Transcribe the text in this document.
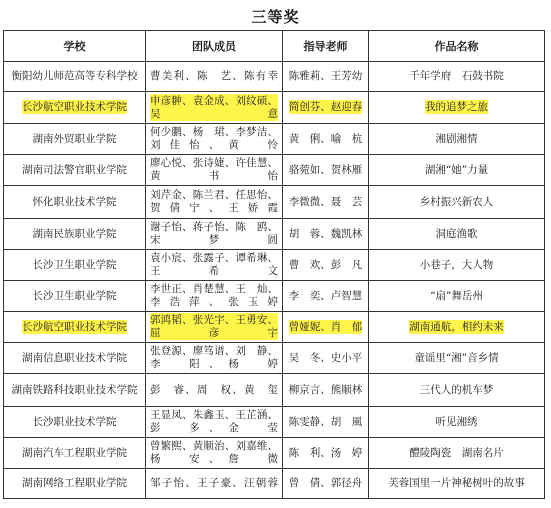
三等奖
学校	团队成员	指导老师	作品名称
衡阳幼儿师范高等专科学校	曹美利、陈　艺、陈有幸	陈雅莉、王芳幼	千年学府　石鼓书院
长沙航空职业技术学院	申彦翀、袁金成、刘纹硕、吴　意	简创芬、赵迎春	我的追梦之旅
湖南外贸职业学院	何少鹏、杨　珺、李梦洁、刘佳怡、黄　怜	黄　俐、喻　杭	湘剧湘情
湖南司法警官职业学院	廖心悦、张诗婕、许佳慧、黄书怡	骆菀如、贺林雁	湖湘“她”力量
怀化职业技术学院	刘芹金、陈兰君、任思怡、贺倩宁、王娇霞	李微微、聂　芸	乡村振兴新农人
湖南民族职业学院	谢子怡、蒋子怡、陈　鸥、宋梦圆	胡　蓉、魏凯林	洞庭渔歌
长沙卫生职业学院	袁小宸、张露子、谭希琳、王希文	曹　欢、彭　凡	小巷子，大人物
长沙卫生职业学院	李世正、肖楚慧、王　灿、李浩萍、张玉婷	李　奕、卢智慧	“扇”舞岳州
长沙航空职业技术学院	郭鸿韬、张光宇、王勇安、屈彦宇	曾娅妮、肖　郁	湖南通航，相约未来
湖南信息职业技术学院	张登源、廖笃谱、刘　静、李　阳、杨　婷	吴　冬、史小平	童谣里“湘”音乡情
湖南铁路科技职业技术学院	彭　睿、周　权、黄　玺	柳京言、熊顺林	三代人的机车梦
长沙职业技术学院	王显凤、朱鑫玉、王芷涵、彭　多、金　莹	陈雯静、胡　風	听见湘绣
湖南汽车工程职业学院	曾繁熙、黄顺治、刘嘉维、杨　安、詹　微	陈　利、汤　婷	醴陵陶瓷　湖南名片
湖南网络工程职业学院	邹子怡、王子豪、汪朝蓉	曾　倩、郭径舟	芙蓉国里一片神秘树叶的故事
